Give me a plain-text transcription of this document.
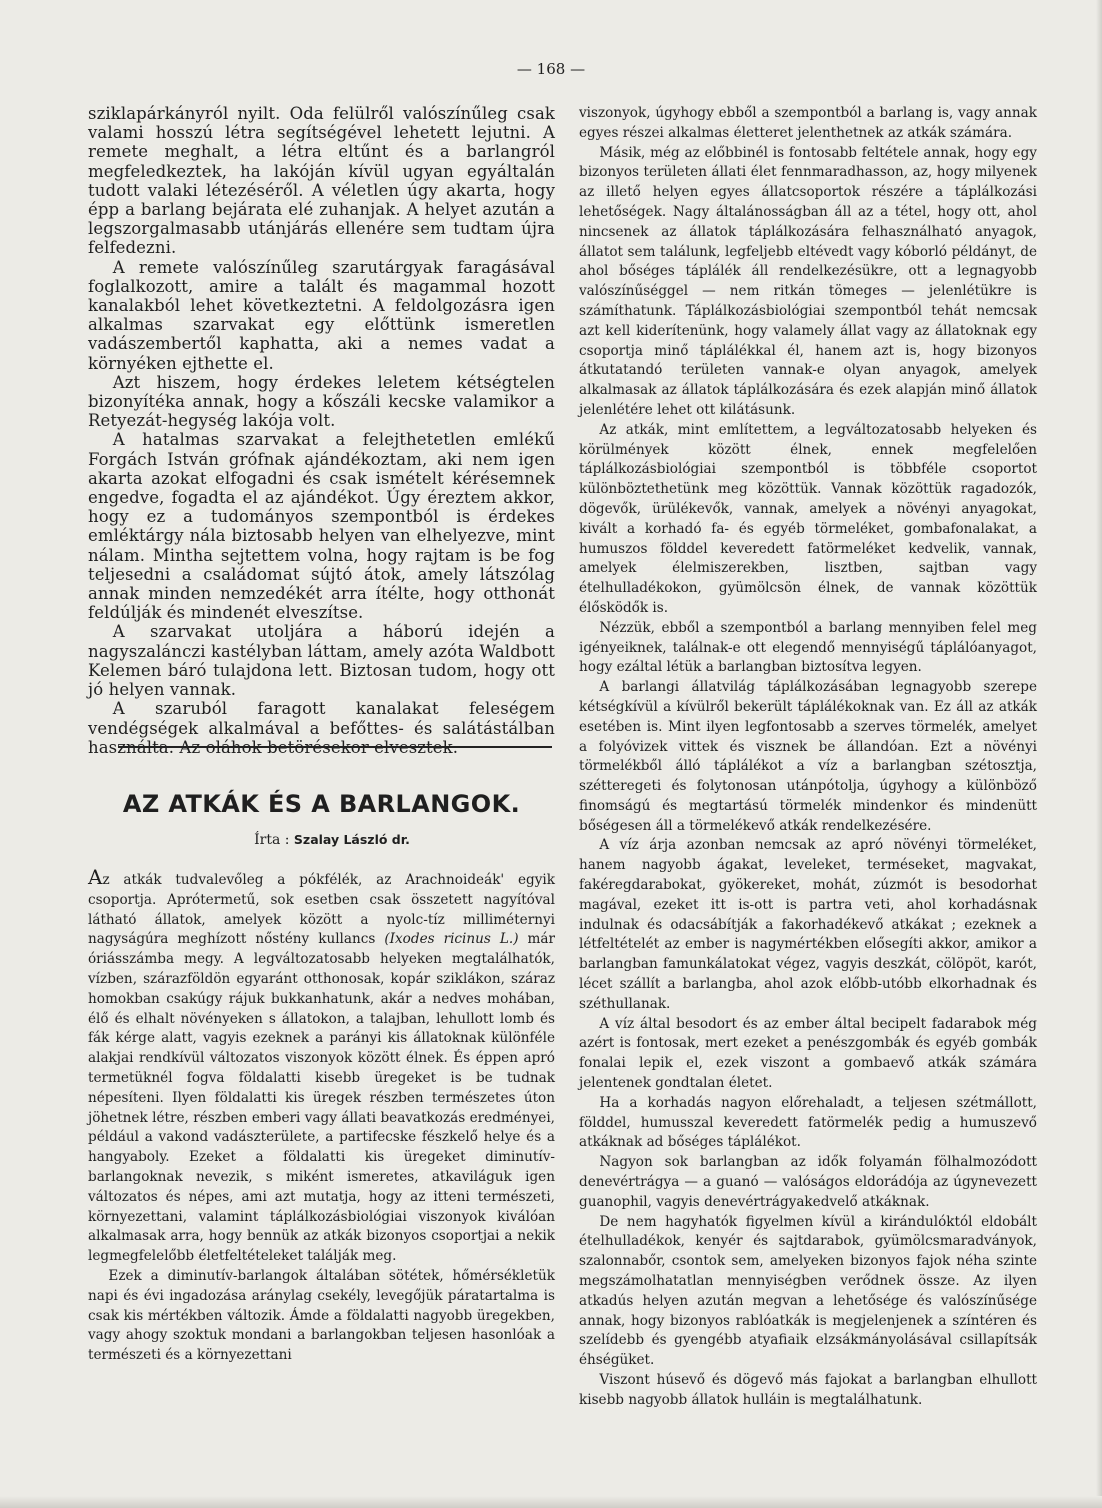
— 168 —

sziklapárkányról nyilt. Oda felülről valószínűleg csak valami hosszú létra segítségével lehetett lejutni. A remete meghalt, a létra eltűnt és a barlangról megfeledkeztek, ha lakóján kívül ugyan egyáltalán tudott valaki létezéséről. A véletlen úgy akarta, hogy épp a barlang bejárata elé zuhanjak. A helyet azután a legszorgalmasabb utánjárás ellenére sem tudtam újra felfedezni.

A remete valószínűleg szarutárgyak faragásával foglalkozott, amire a talált és magammal hozott kanalakból lehet következtetni. A feldolgozásra igen alkalmas szarvakat egy előttünk ismeretlen vadászembertől kaphatta, aki a nemes vadat a környéken ejthette el.

Azt hiszem, hogy érdekes leletem kétségtelen bizonyítéka annak, hogy a kőszáli kecske valamikor a Retyezát-hegység lakója volt.

A hatalmas szarvakat a felejthetetlen emlékű Forgách István grófnak ajándékoztam, aki nem igen akarta azokat elfogadni és csak ismételt kérésemnek engedve, fogadta el az ajándékot. Úgy éreztem akkor, hogy ez a tudományos szempontból is érdekes emléktárgy nála biztosabb helyen van elhelyezve, mint nálam. Mintha sejtettem volna, hogy rajtam is be fog teljesedni a családomat sújtó átok, amely látszólag annak minden nemzedékét arra ítélte, hogy otthonát feldúlják és mindenét elveszítse.

A szarvakat utoljára a háború idején a nagyszalánczi kastélyban láttam, amely azóta Waldbott Kelemen báró tulajdona lett. Biztosan tudom, hogy ott jó helyen vannak.

A szaruból faragott kanalakat feleségem vendégségek alkalmával a befőttes- és salátástálban használta. Az oláhok betörésekor elvesztek.

AZ ATKÁK ÉS A BARLANGOK.

Írta : Szalay László dr.

Az atkák tudvalevőleg a pókfélék, az Arachnoideák' egyik csoportja. Aprótermetű, sok esetben csak összetett nagyítóval látható állatok, amelyek között a nyolc-tíz milliméternyi nagyságúra meghízott nőstény kullancs (Ixodes ricinus L.) már óriásszámba megy. A legváltozatosabb helyeken megtalálhatók, vízben, szárazföldön egyaránt otthonosak, kopár sziklákon, száraz homokban csakúgy rájuk bukkanhatunk, akár a nedves mohában, élő és elhalt növényeken s állatokon, a talajban, lehullott lomb és fák kérge alatt, vagyis ezeknek a parányi kis állatoknak különféle alakjai rendkívül változatos viszonyok között élnek. És éppen apró termetüknél fogva földalatti kisebb üregeket is be tudnak népesíteni. Ilyen földalatti kis üregek részben természetes úton jöhetnek létre, részben emberi vagy állati beavatkozás eredményei, például a vakond vadászterülete, a partifecske fészkelő helye és a hangyaboly. Ezeket a földalatti kis üregeket diminutív-barlangoknak nevezik, s miként ismeretes, atkaviláguk igen változatos és népes, ami azt mutatja, hogy az itteni természeti, környezettani, valamint táplálkozásbiológiai viszonyok kiválóan alkalmasak arra, hogy bennük az atkák bizonyos csoportjai a nekik legmegfelelőbb életfeltételeket találják meg.

Ezek a diminutív-barlangok általában sötétek, hőmérsékletük napi és évi ingadozása aránylag csekély, levegőjük páratartalma is csak kis mértékben változik. Ámde a földalatti nagyobb üregekben, vagy ahogy szoktuk mondani a barlangokban teljesen hasonlóak a természeti és a környezettani

viszonyok, úgyhogy ebből a szempontból a barlang is, vagy annak egyes részei alkalmas életteret jelenthetnek az atkák számára.

Másik, még az előbbinél is fontosabb feltétele annak, hogy egy bizonyos területen állati élet fennmaradhasson, az, hogy milyenek az illető helyen egyes állatcsoportok részére a táplálkozási lehetőségek. Nagy általánosságban áll az a tétel, hogy ott, ahol nincsenek az állatok táplálkozására felhasználható anyagok, állatot sem találunk, legfeljebb eltévedt vagy kóborló példányt, de ahol bőséges táplálék áll rendelkezésükre, ott a legnagyobb valószínűséggel — nem ritkán tömeges — jelenlétükre is számíthatunk. Táplálkozásbiológiai szempontból tehát nemcsak azt kell kiderítenünk, hogy valamely állat vagy az állatoknak egy csoportja minő táplálékkal él, hanem azt is, hogy bizonyos átkutatandó területen vannak-e olyan anyagok, amelyek alkalmasak az állatok táplálkozására és ezek alapján minő állatok jelenlétére lehet ott kilátásunk.

Az atkák, mint említettem, a legváltozatosabb helyeken és körülmények között élnek, ennek megfelelően táplálkozásbiológiai szempontból is többféle csoportot különböztethetünk meg közöttük. Vannak közöttük ragadozók, dögevők, ürülékevők, vannak, amelyek a növényi anyagokat, kivált a korhadó fa- és egyéb törmeléket, gombafonalakat, a humuszos földdel keveredett fatörmeléket kedvelik, vannak, amelyek élelmiszerekben, lisztben, sajtban vagy ételhulladékokon, gyümölcsön élnek, de vannak közöttük élősködők is.

Nézzük, ebből a szempontból a barlang mennyiben felel meg igényeiknek, találnak-e ott elegendő mennyiségű táplálóanyagot, hogy ezáltal létük a barlangban biztosítva legyen.

A barlangi állatvilág táplálkozásában legnagyobb szerepe kétségkívül a kívülről bekerült táplálékoknak van. Ez áll az atkák esetében is. Mint ilyen legfontosabb a szerves törmelék, amelyet a folyóvizek vittek és visznek be állandóan. Ezt a növényi törmelékből álló táplálékot a víz a barlangban szétosztja, szétteregeti és folytonosan utánpótolja, úgyhogy a különböző finomságú és megtartású törmelék mindenkor és mindenütt bőségesen áll a törmelékevő atkák rendelkezésére.

A víz árja azonban nemcsak az apró növényi törmeléket, hanem nagyobb ágakat, leveleket, terméseket, magvakat, fakéregdarabokat, gyökereket, mohát, zúzmót is besodorhat magával, ezeket itt is-ott is partra veti, ahol korhadásnak indulnak és odacsábítják a fakorhadékevő atkákat ; ezeknek a létfeltételét az ember is nagymértékben elősegíti akkor, amikor a barlangban famunkálatokat végez, vagyis deszkát, cölöpöt, karót, lécet szállít a barlangba, ahol azok előbb-utóbb elkorhadnak és széthullanak.

A víz által besodort és az ember által becipelt fadarabok még azért is fontosak, mert ezeket a penészgombák és egyéb gombák fonalai lepik el, ezek viszont a gombaevő atkák számára jelentenek gondtalan életet.

Ha a korhadás nagyon előrehaladt, a teljesen szétmállott, földdel, humusszal keveredett fatörmelék pedig a humuszevő atkáknak ad bőséges táplálékot.

Nagyon sok barlangban az idők folyamán fölhalmozódott denevértrágya — a guanó — valóságos eldorádója az úgynevezett guanophil, vagyis denevértrágyakedvelő atkáknak.

De nem hagyhatók figyelmen kívül a kirándulóktól eldobált ételhulladékok, kenyér és sajtdarabok, gyümölcsmaradványok, szalonnabőr, csontok sem, amelyeken bizonyos fajok néha szinte megszámolhatatlan mennyiségben verődnek össze. Az ilyen atkadús helyen azután megvan a lehetősége és valószínűsége annak, hogy bizonyos rablóatkák is megjelenjenek a színtéren és szelídebb és gyengébb atyafiaik elzsákmányolásával csillapítsák éhségüket.

Viszont húsevő és dögevő más fajokat a barlangban elhullott kisebb nagyobb állatok hulláin is megtalálhatunk.
